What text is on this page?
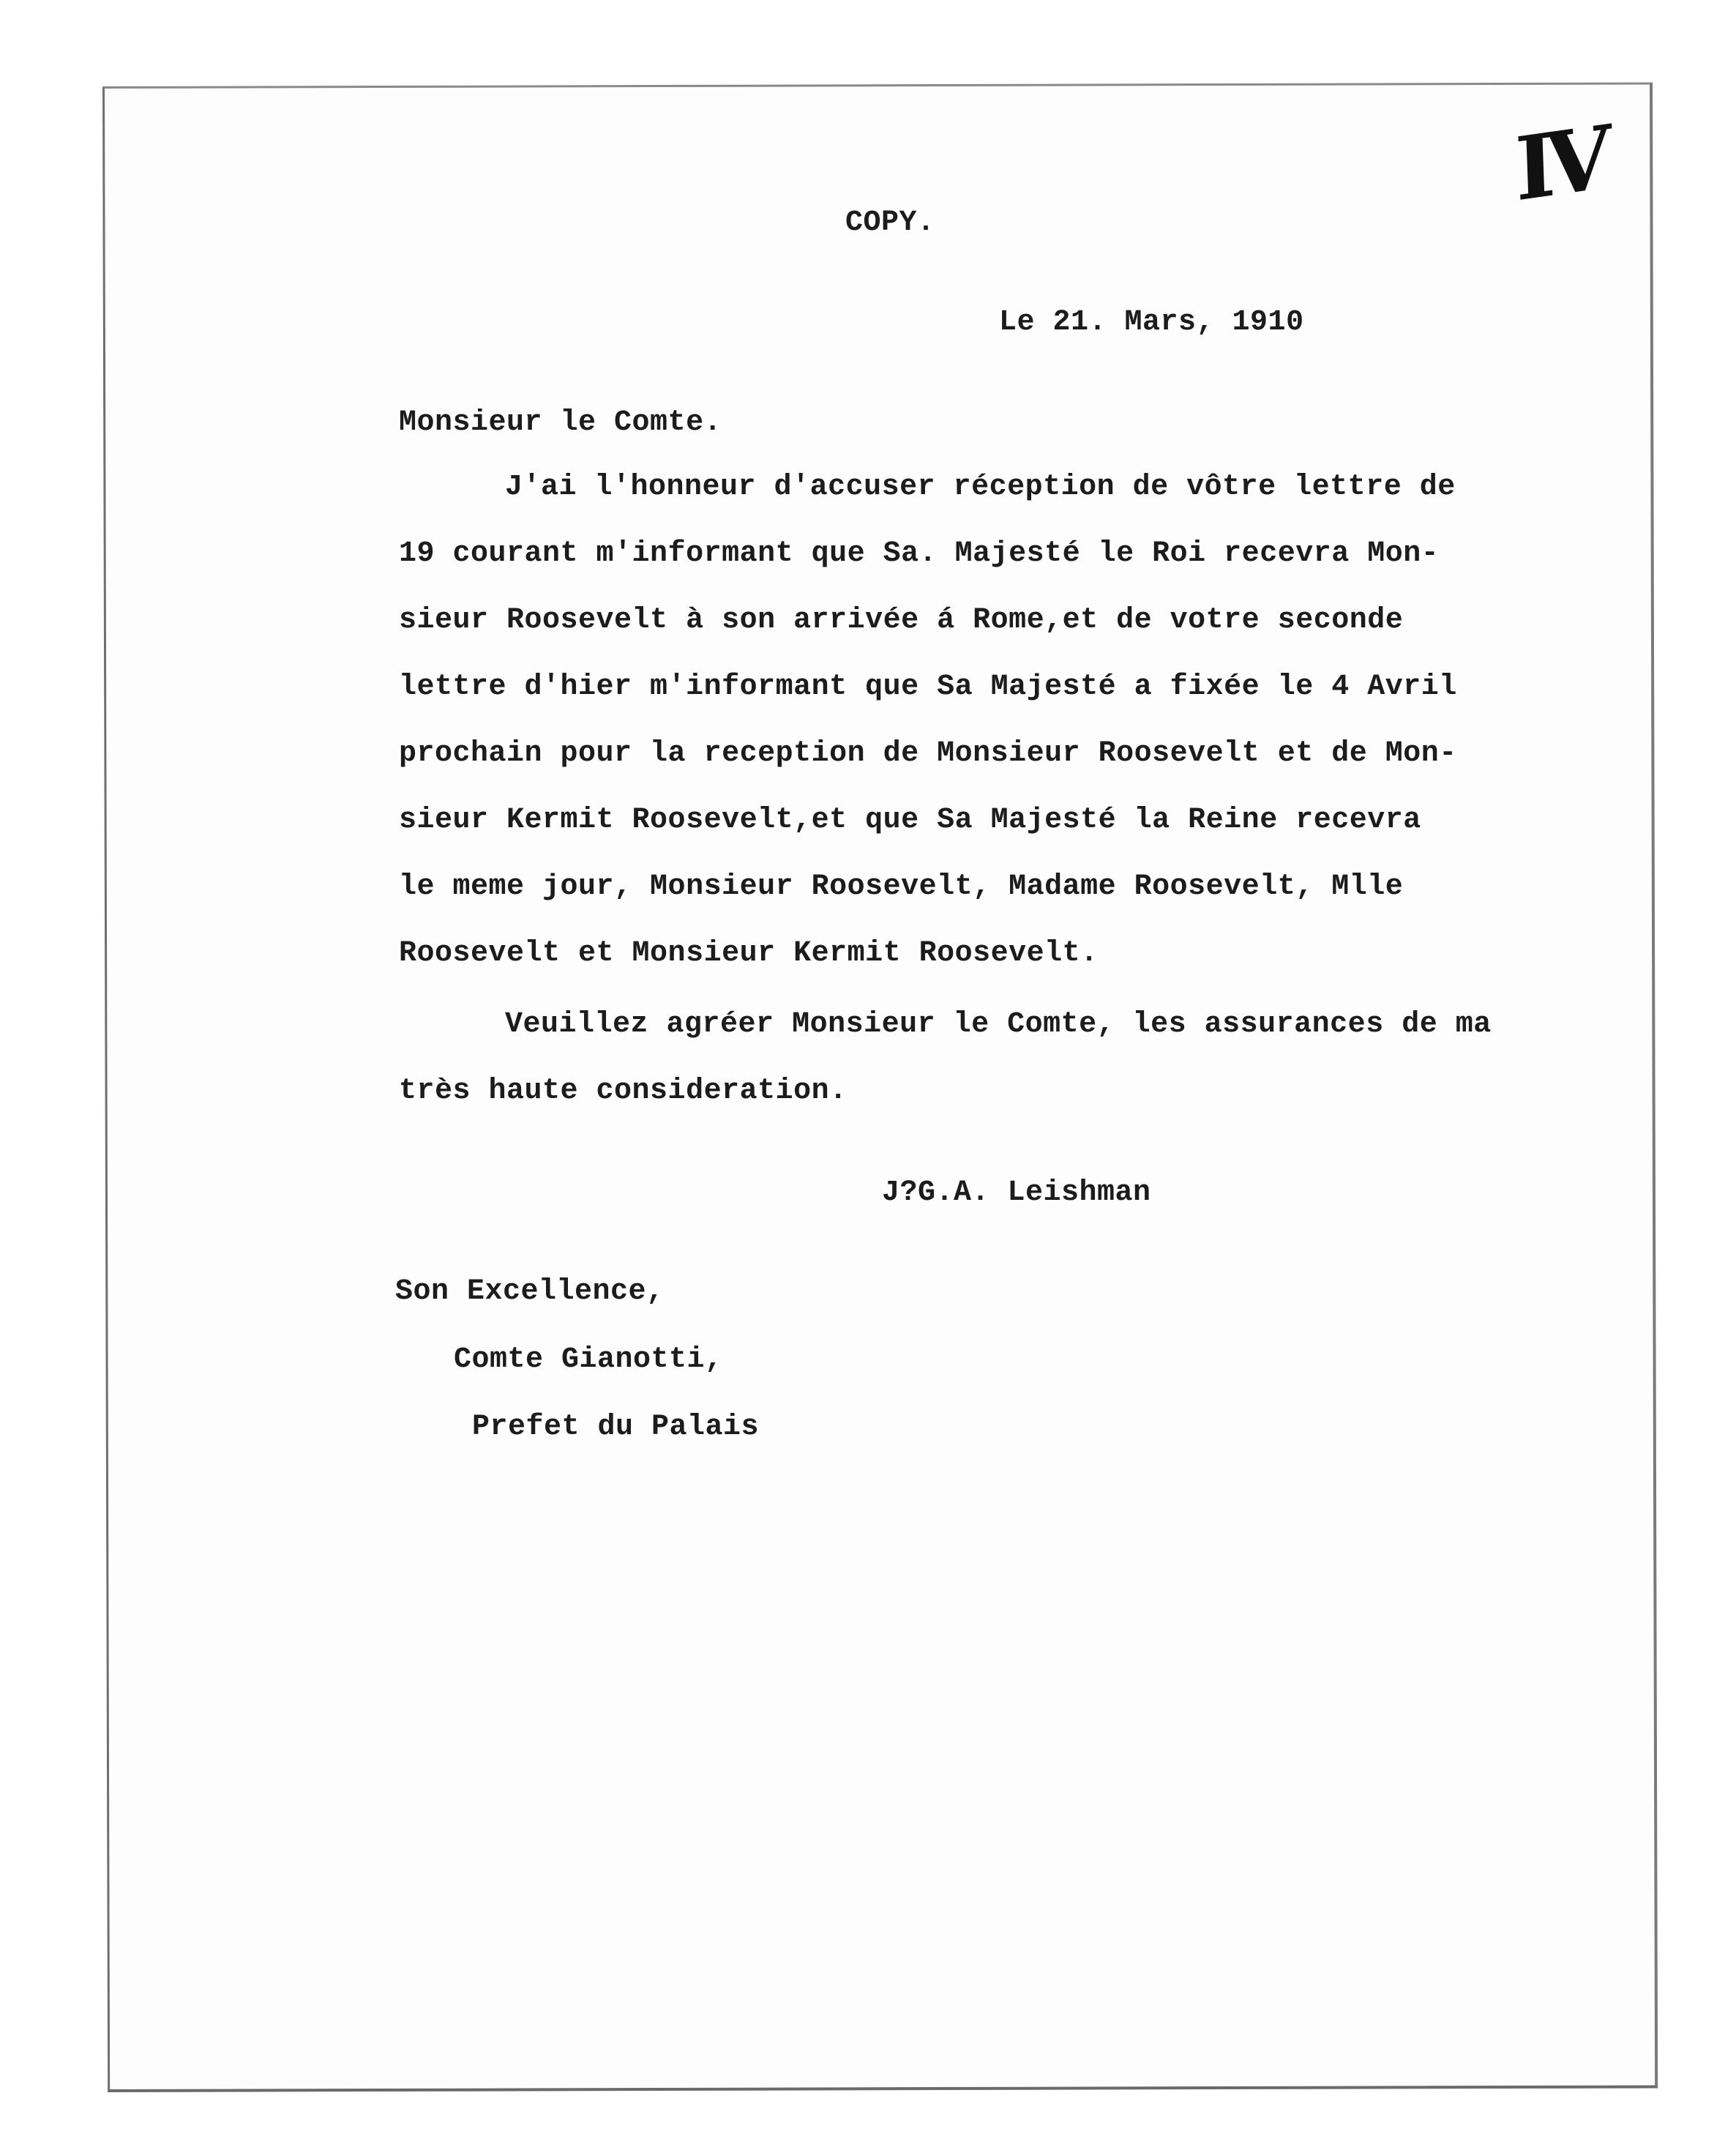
IV
COPY.
Le 21. Mars, 1910
Monsieur le Comte.
J'ai l'honneur d'accuser réception de vôtre lettre de
19 courant m'informant que Sa. Majesté le Roi recevra Mon-
sieur Roosevelt à son arrivée á Rome,et de votre seconde
lettre d'hier m'informant que Sa Majesté a fixée le 4 Avril
prochain pour la reception de Monsieur Roosevelt et de Mon-
sieur Kermit Roosevelt,et que Sa Majesté la Reine recevra
le meme jour, Monsieur Roosevelt, Madame Roosevelt, Mlle
Roosevelt et Monsieur Kermit Roosevelt.
Veuillez agréer Monsieur le Comte, les assurances de ma
très haute consideration.
J?G.A. Leishman
Son Excellence,
Comte Gianotti,
Prefet du Palais
